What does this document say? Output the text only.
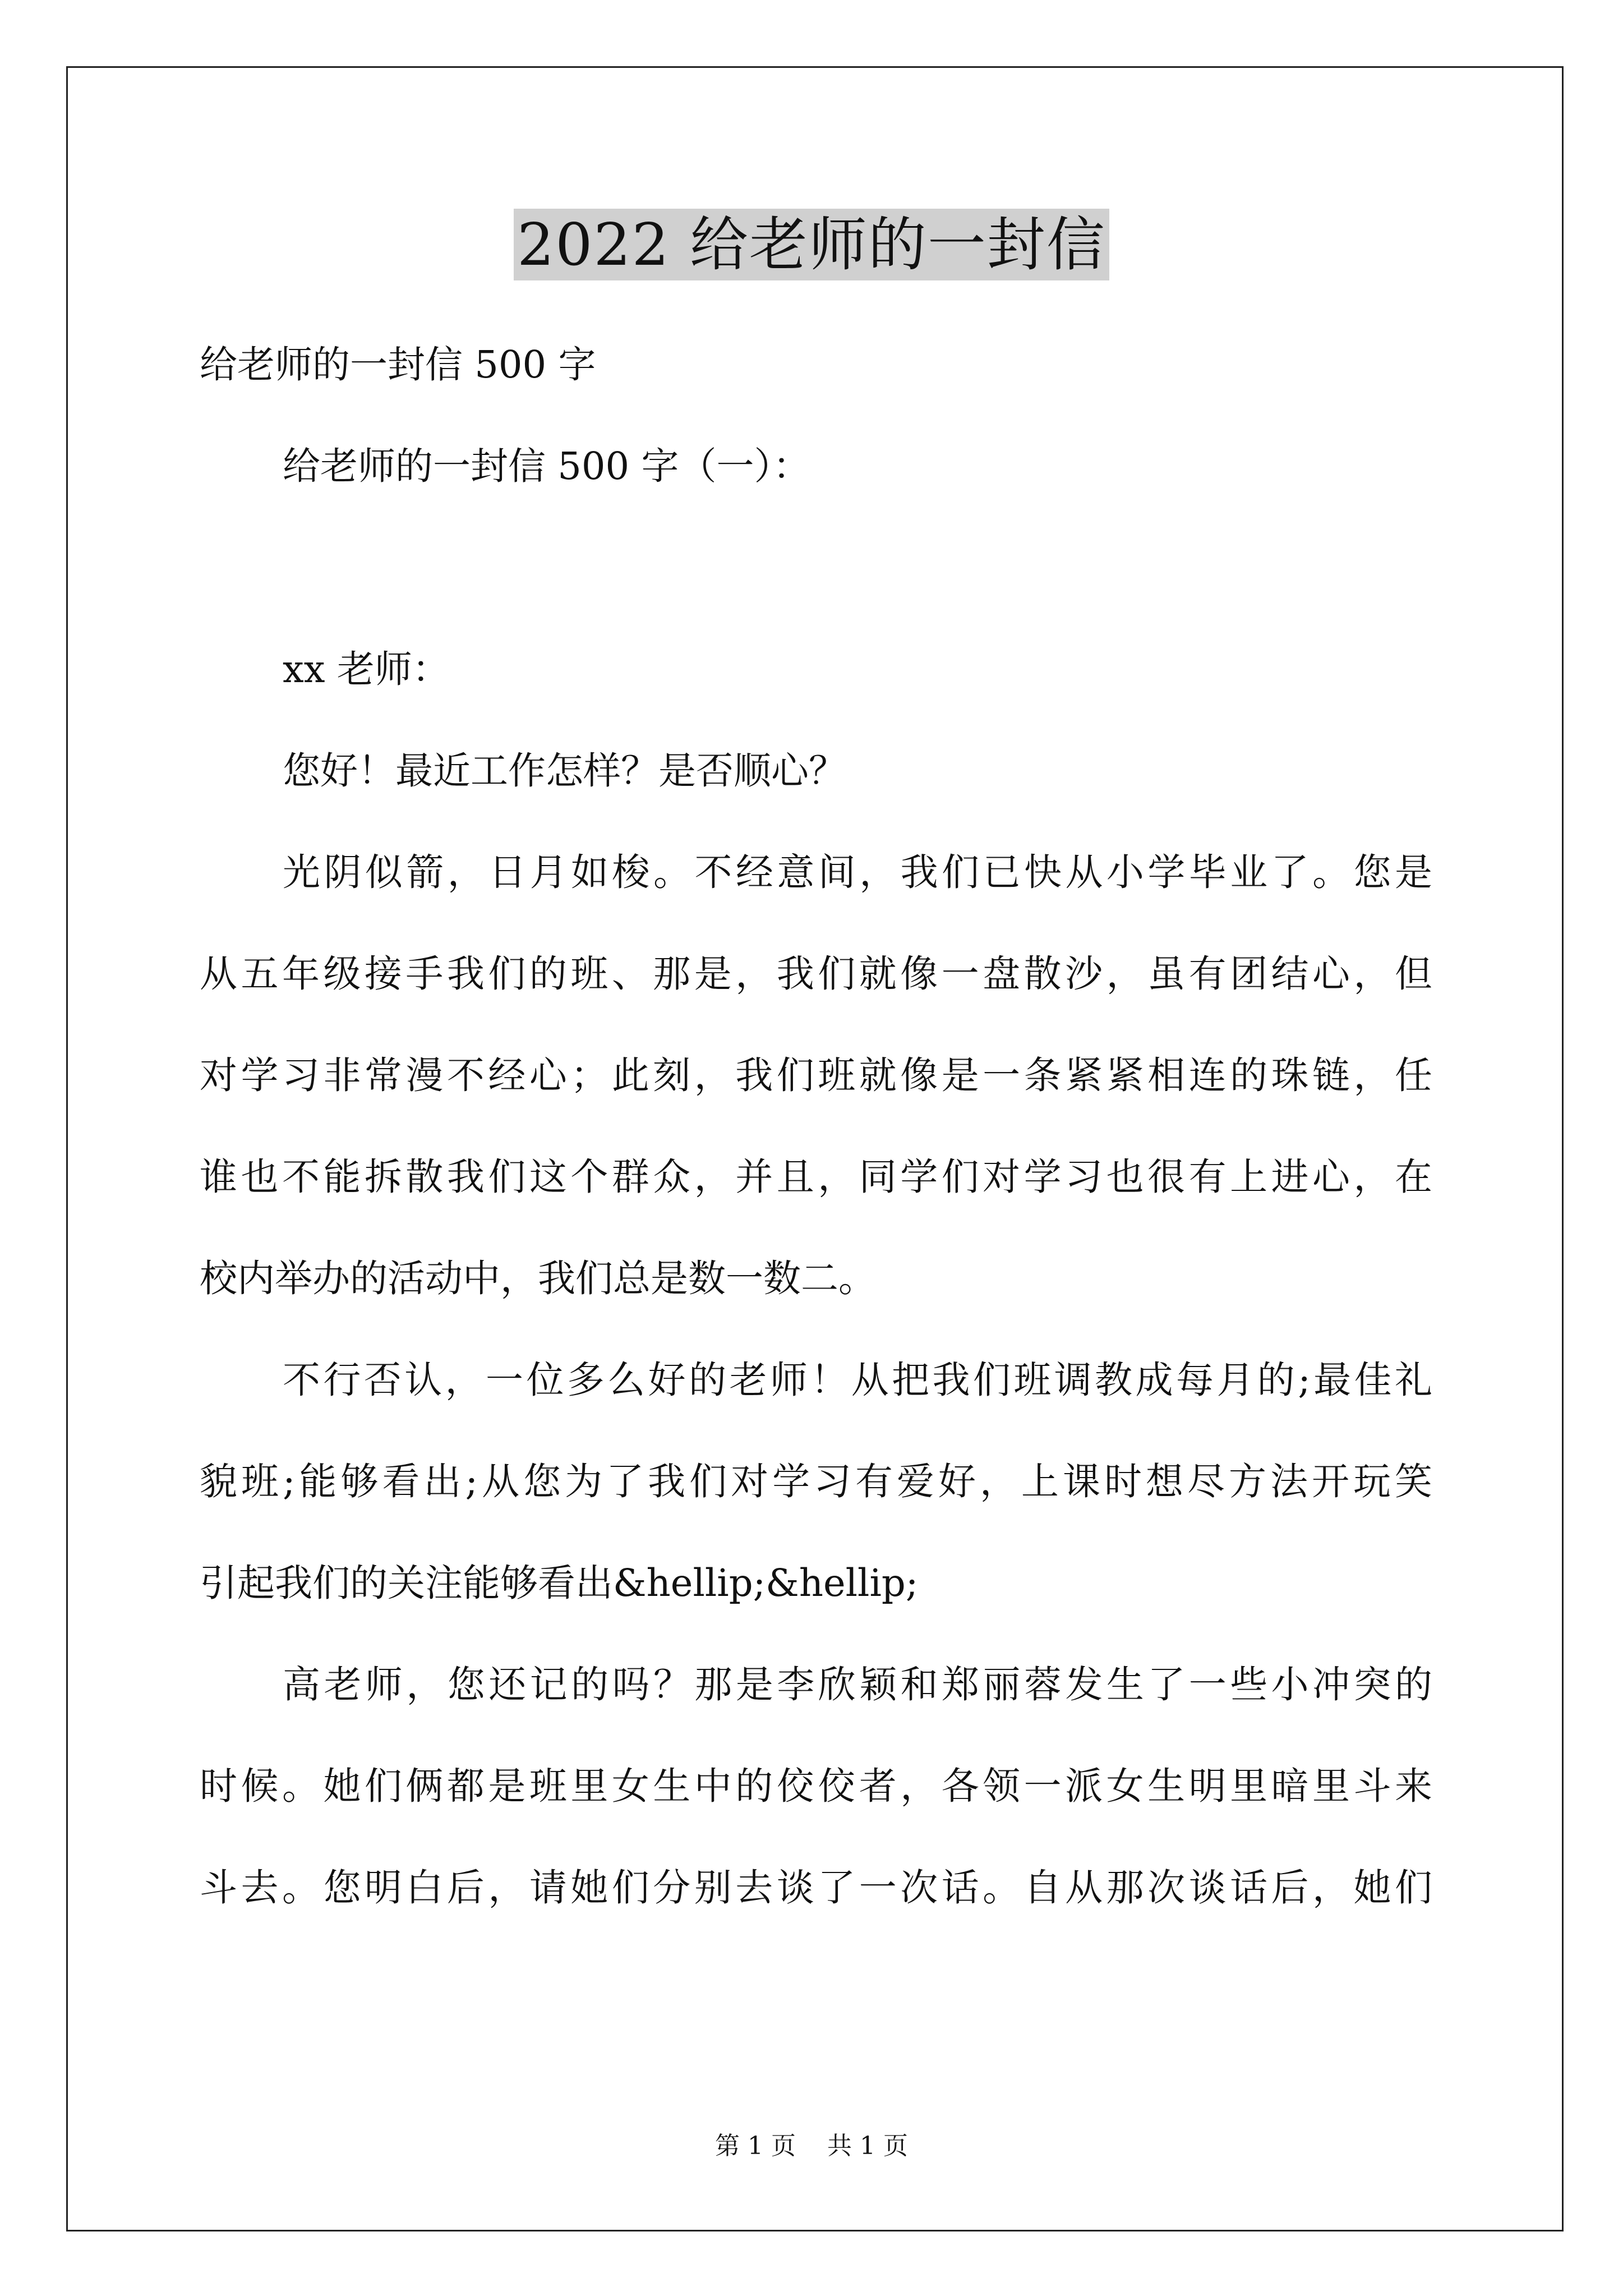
2022 给老师的一封信
给老师的一封信 500 字
给老师的一封信 500 字（一）：
xx 老师：
您好！最近工作怎样？是否顺心？
光阴似箭，日月如梭。不经意间，我们已快从小学毕业了。您是
从五年级接手我们的班、那是，我们就像一盘散沙，虽有团结心，但
对学习非常漫不经心；此刻，我们班就像是一条紧紧相连的珠链，任
谁也不能拆散我们这个群众，并且，同学们对学习也很有上进心，在
校内举办的活动中，我们总是数一数二。
不行否认，一位多么好的老师！从把我们班调教成每月的;最佳礼
貌班;能够看出;从您为了我们对学习有爱好，上课时想尽方法开玩笑
引起我们的关注能够看出&hellip;&hellip;
高老师，您还记的吗？那是李欣颖和郑丽蓉发生了一些小冲突的
时候。她们俩都是班里女生中的佼佼者，各领一派女生明里暗里斗来
斗去。您明白后，请她们分别去谈了一次话。自从那次谈话后，她们
第 1 页 共 1 页
